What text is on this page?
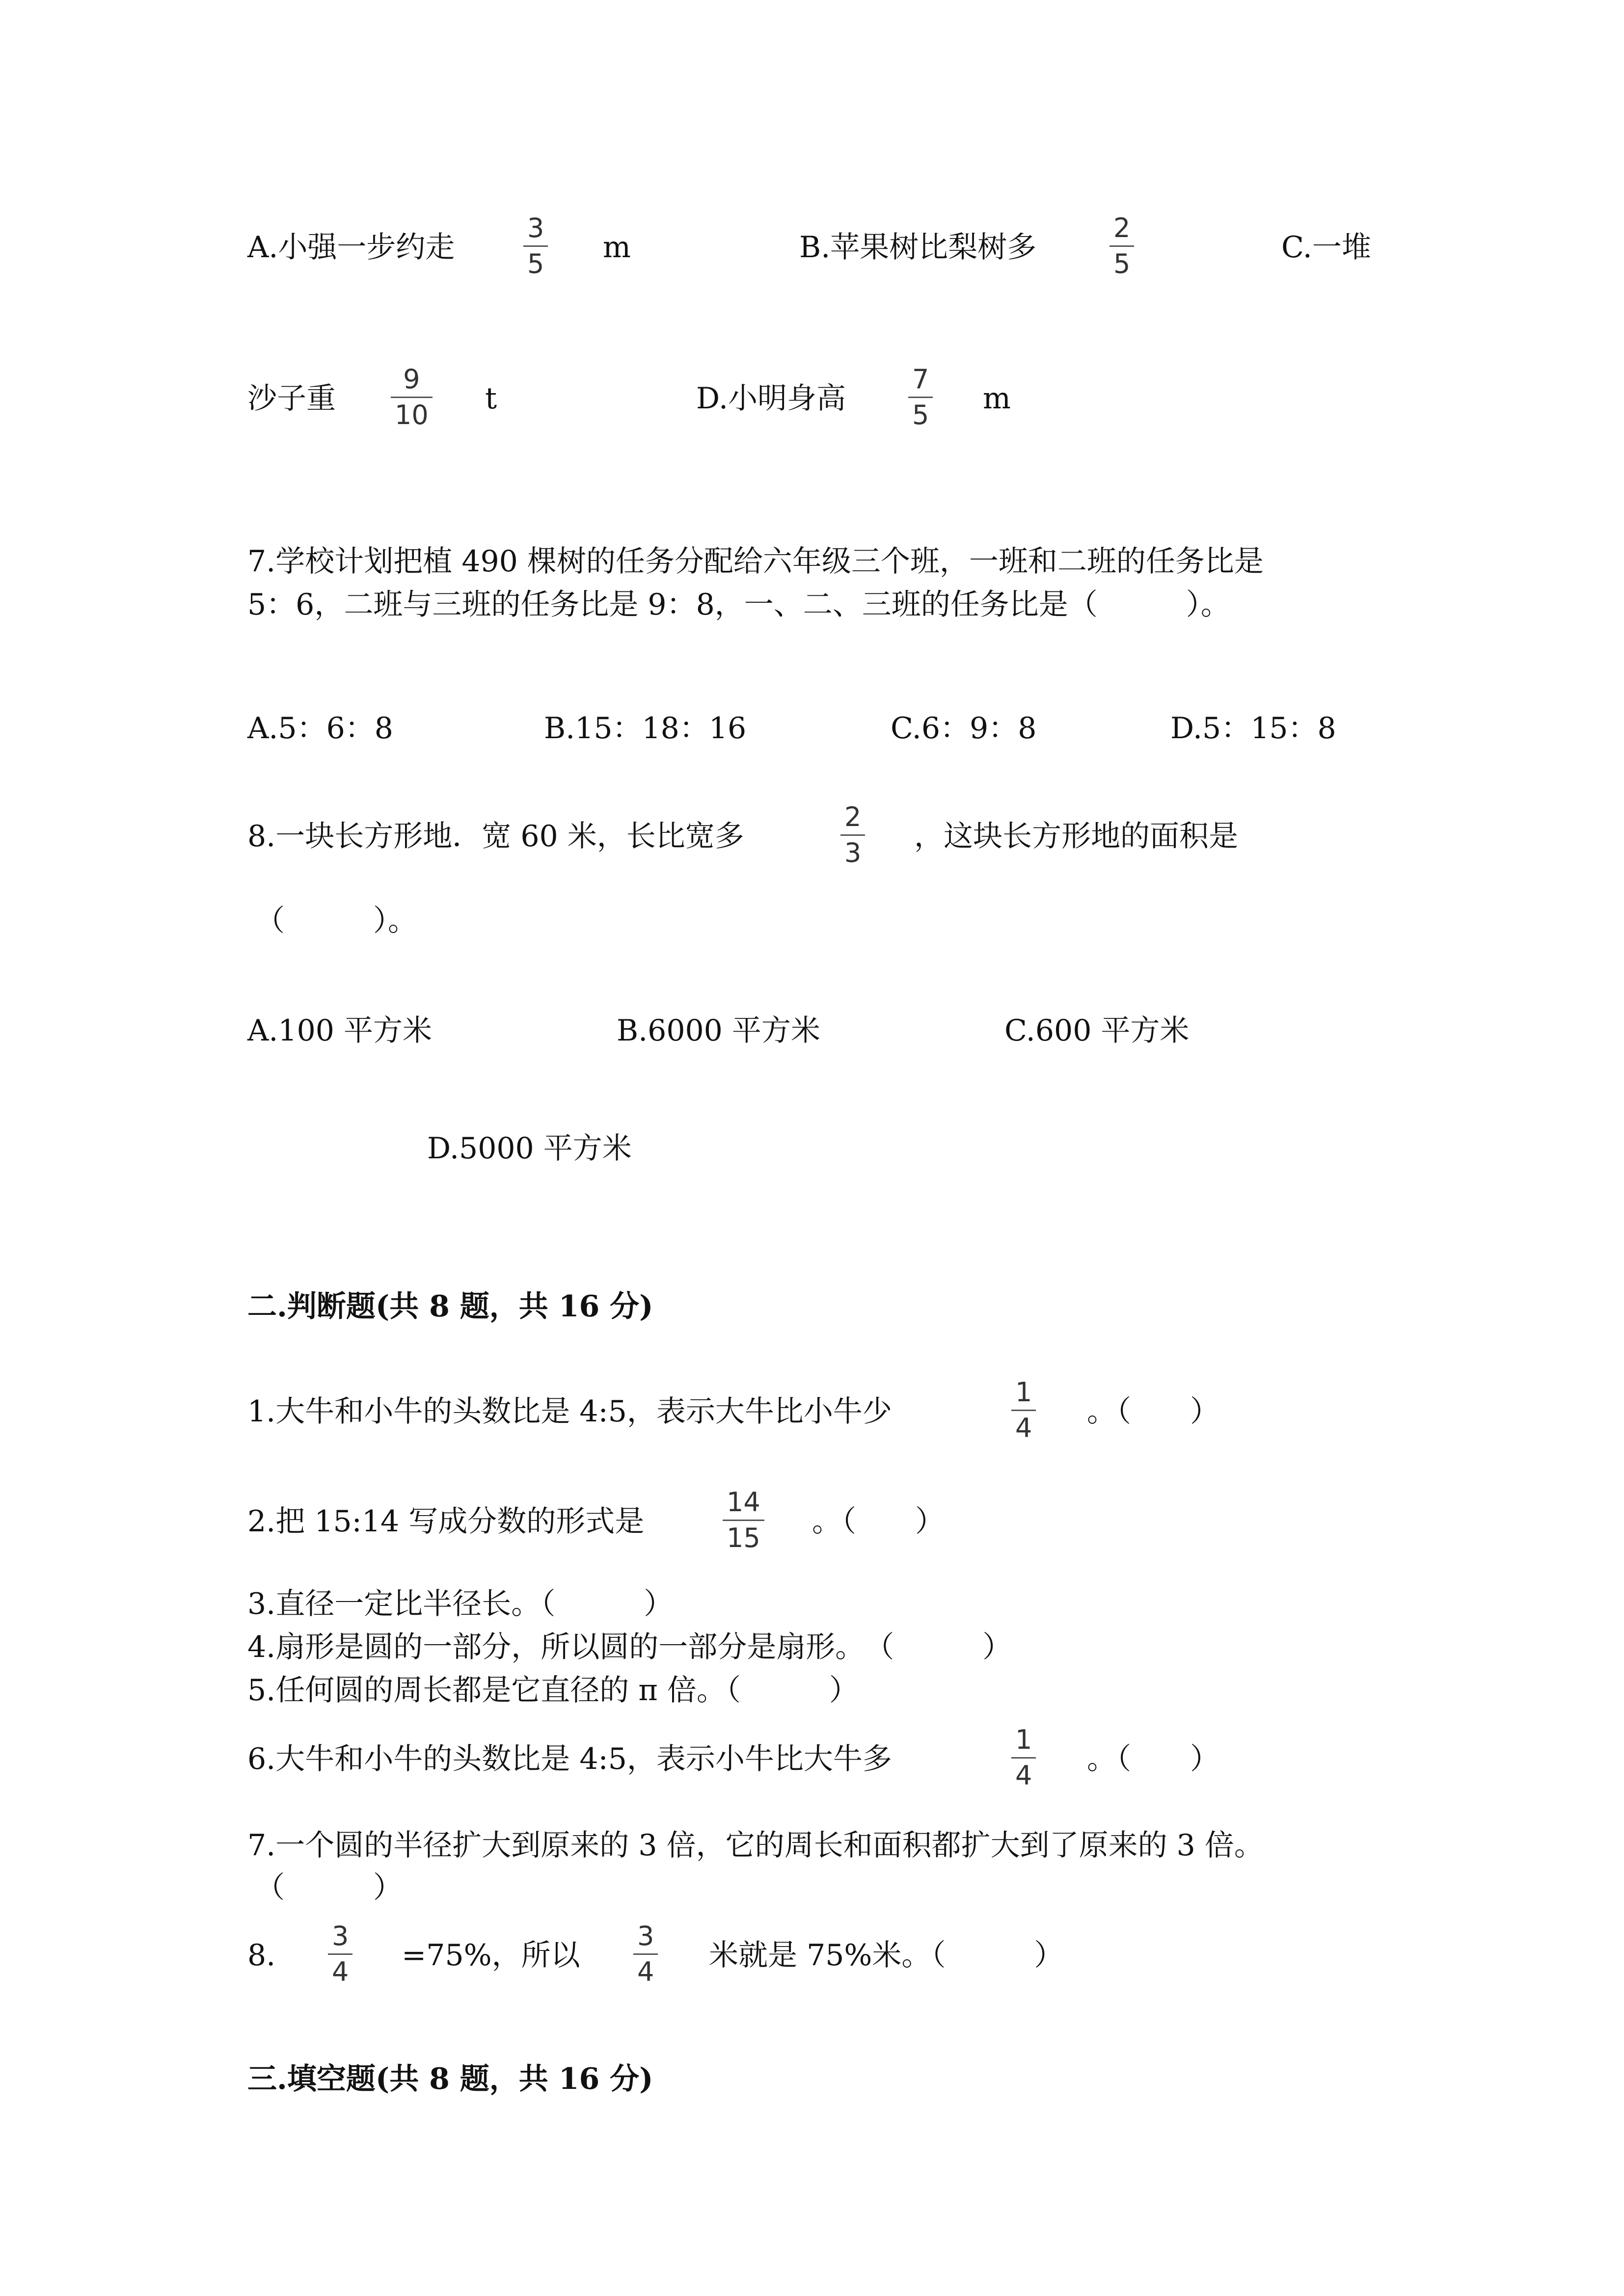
A.小强一步约走
3
5 m	B.苹果树比梨树多
2
5	C.一堆
沙子重
9
10 t	D.小明身高
7
5 m
7.学校计划把植 490 棵树的任务分配给六年级三个班，一班和二班的任务比是
5：6，二班与三班的任务比是 9：8，一、二、三班的任务比是（　　　）。
A.5：6：8	B.15：18：16	C.6：9：8	D.5：15：8
8.一块长方形地．宽 60 米，长比宽多
2
3 ，这块长方形地的面积是
（　　　）。
A.100 平方米	B.6000 平方米	C.600 平方米
D.5000 平方米
二.判断题(共 8 题，共 16 分)
1.大牛和小牛的头数比是 4:5，表示大牛比小牛少
1
4 。（　　）
2.把 15:14 写成分数的形式是
14
15 。（　　）
3.直径一定比半径长。（　　　）
4.扇形是圆的一部分，所以圆的一部分是扇形。　（　　　）
5.任何圆的周长都是它直径的 π 倍。（　　　）
6.大牛和小牛的头数比是 4:5，表示小牛比大牛多
1
4 。（　　）
7.一个圆的半径扩大到原来的 3 倍，它的周长和面积都扩大到了原来的 3 倍。
（　　　）
8.
3
4 =75%，所以
3
4 米就是 75%米。（　　　）
三.填空题(共 8 题，共 16 分)
